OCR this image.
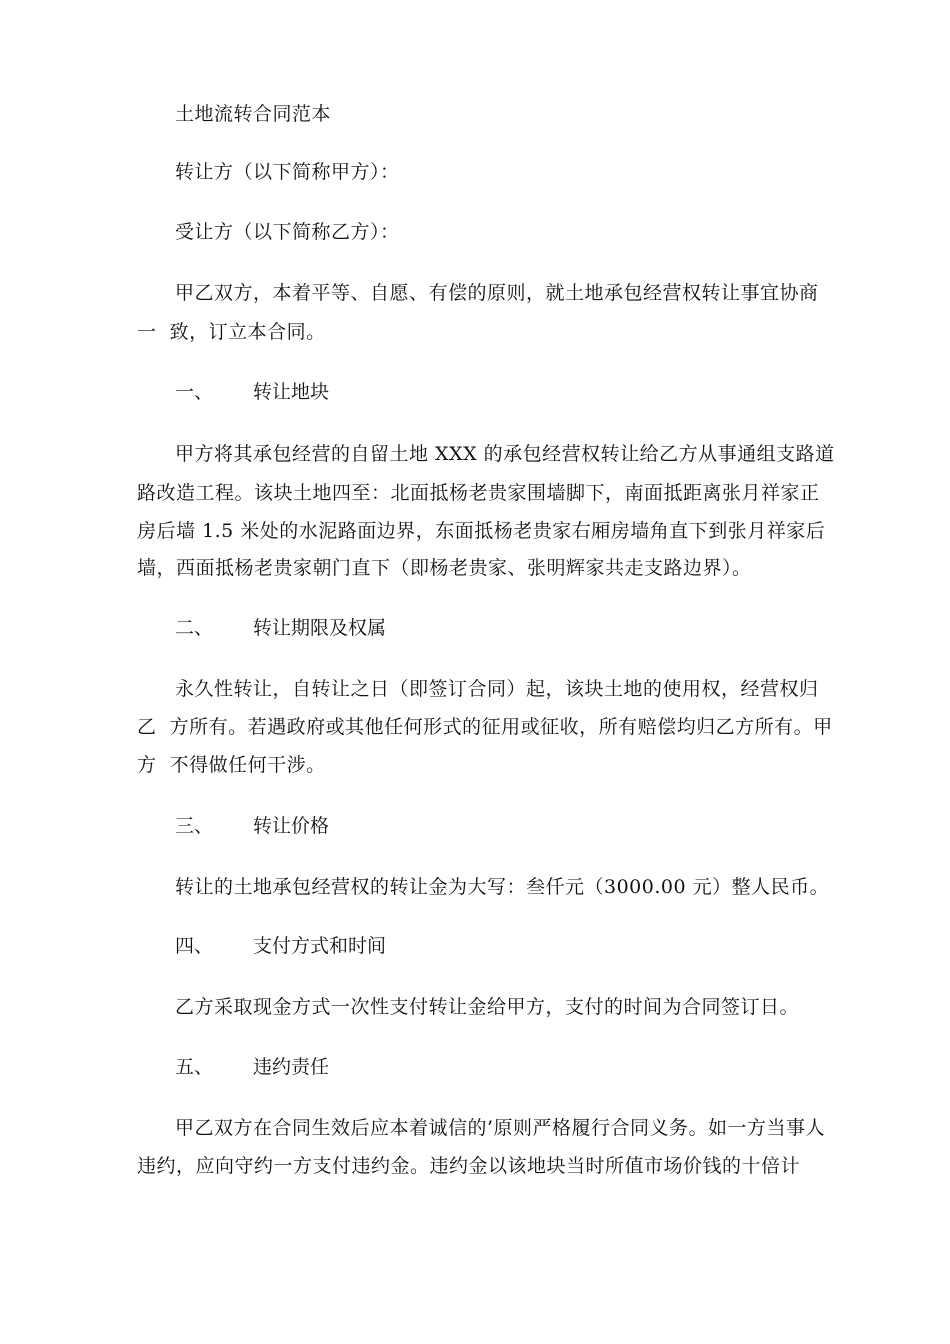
土地流转合同范本
转让方（以下简称甲方）：
受让方（以下简称乙方）：
甲乙双方，本着平等、自愿、有偿的原则，就土地承包经营权转让事宜协商
一  致，订立本合同。
一、 转让地块
甲方将其承包经营的自留土地 XXX 的承包经营权转让给乙方从事通组支路道
路改造工程。该块土地四至：北面抵杨老贵家围墙脚下，南面抵距离张月祥家正
房后墙 1.5 米处的水泥路面边界，东面抵杨老贵家右厢房墙角直下到张月祥家后
墙，西面抵杨老贵家朝门直下（即杨老贵家、张明辉家共走支路边界）。
二、 转让期限及权属
永久性转让，自转让之日（即签订合同）起，该块土地的使用权，经营权归
乙  方所有。若遇政府或其他任何形式的征用或征收，所有赔偿均归乙方所有。甲
方  不得做任何干涉。
三、 转让价格
转让的土地承包经营权的转让金为大写：叁仟元（3000.00 元）整人民币。
四、 支付方式和时间
乙方采取现金方式一次性支付转让金给甲方，支付的时间为合同签订日。
五、 违约责任
甲乙双方在合同生效后应本着诚信的’原则严格履行合同义务。如一方当事人
违约，应向守约一方支付违约金。违约金以该地块当时所值市场价钱的十倍计
